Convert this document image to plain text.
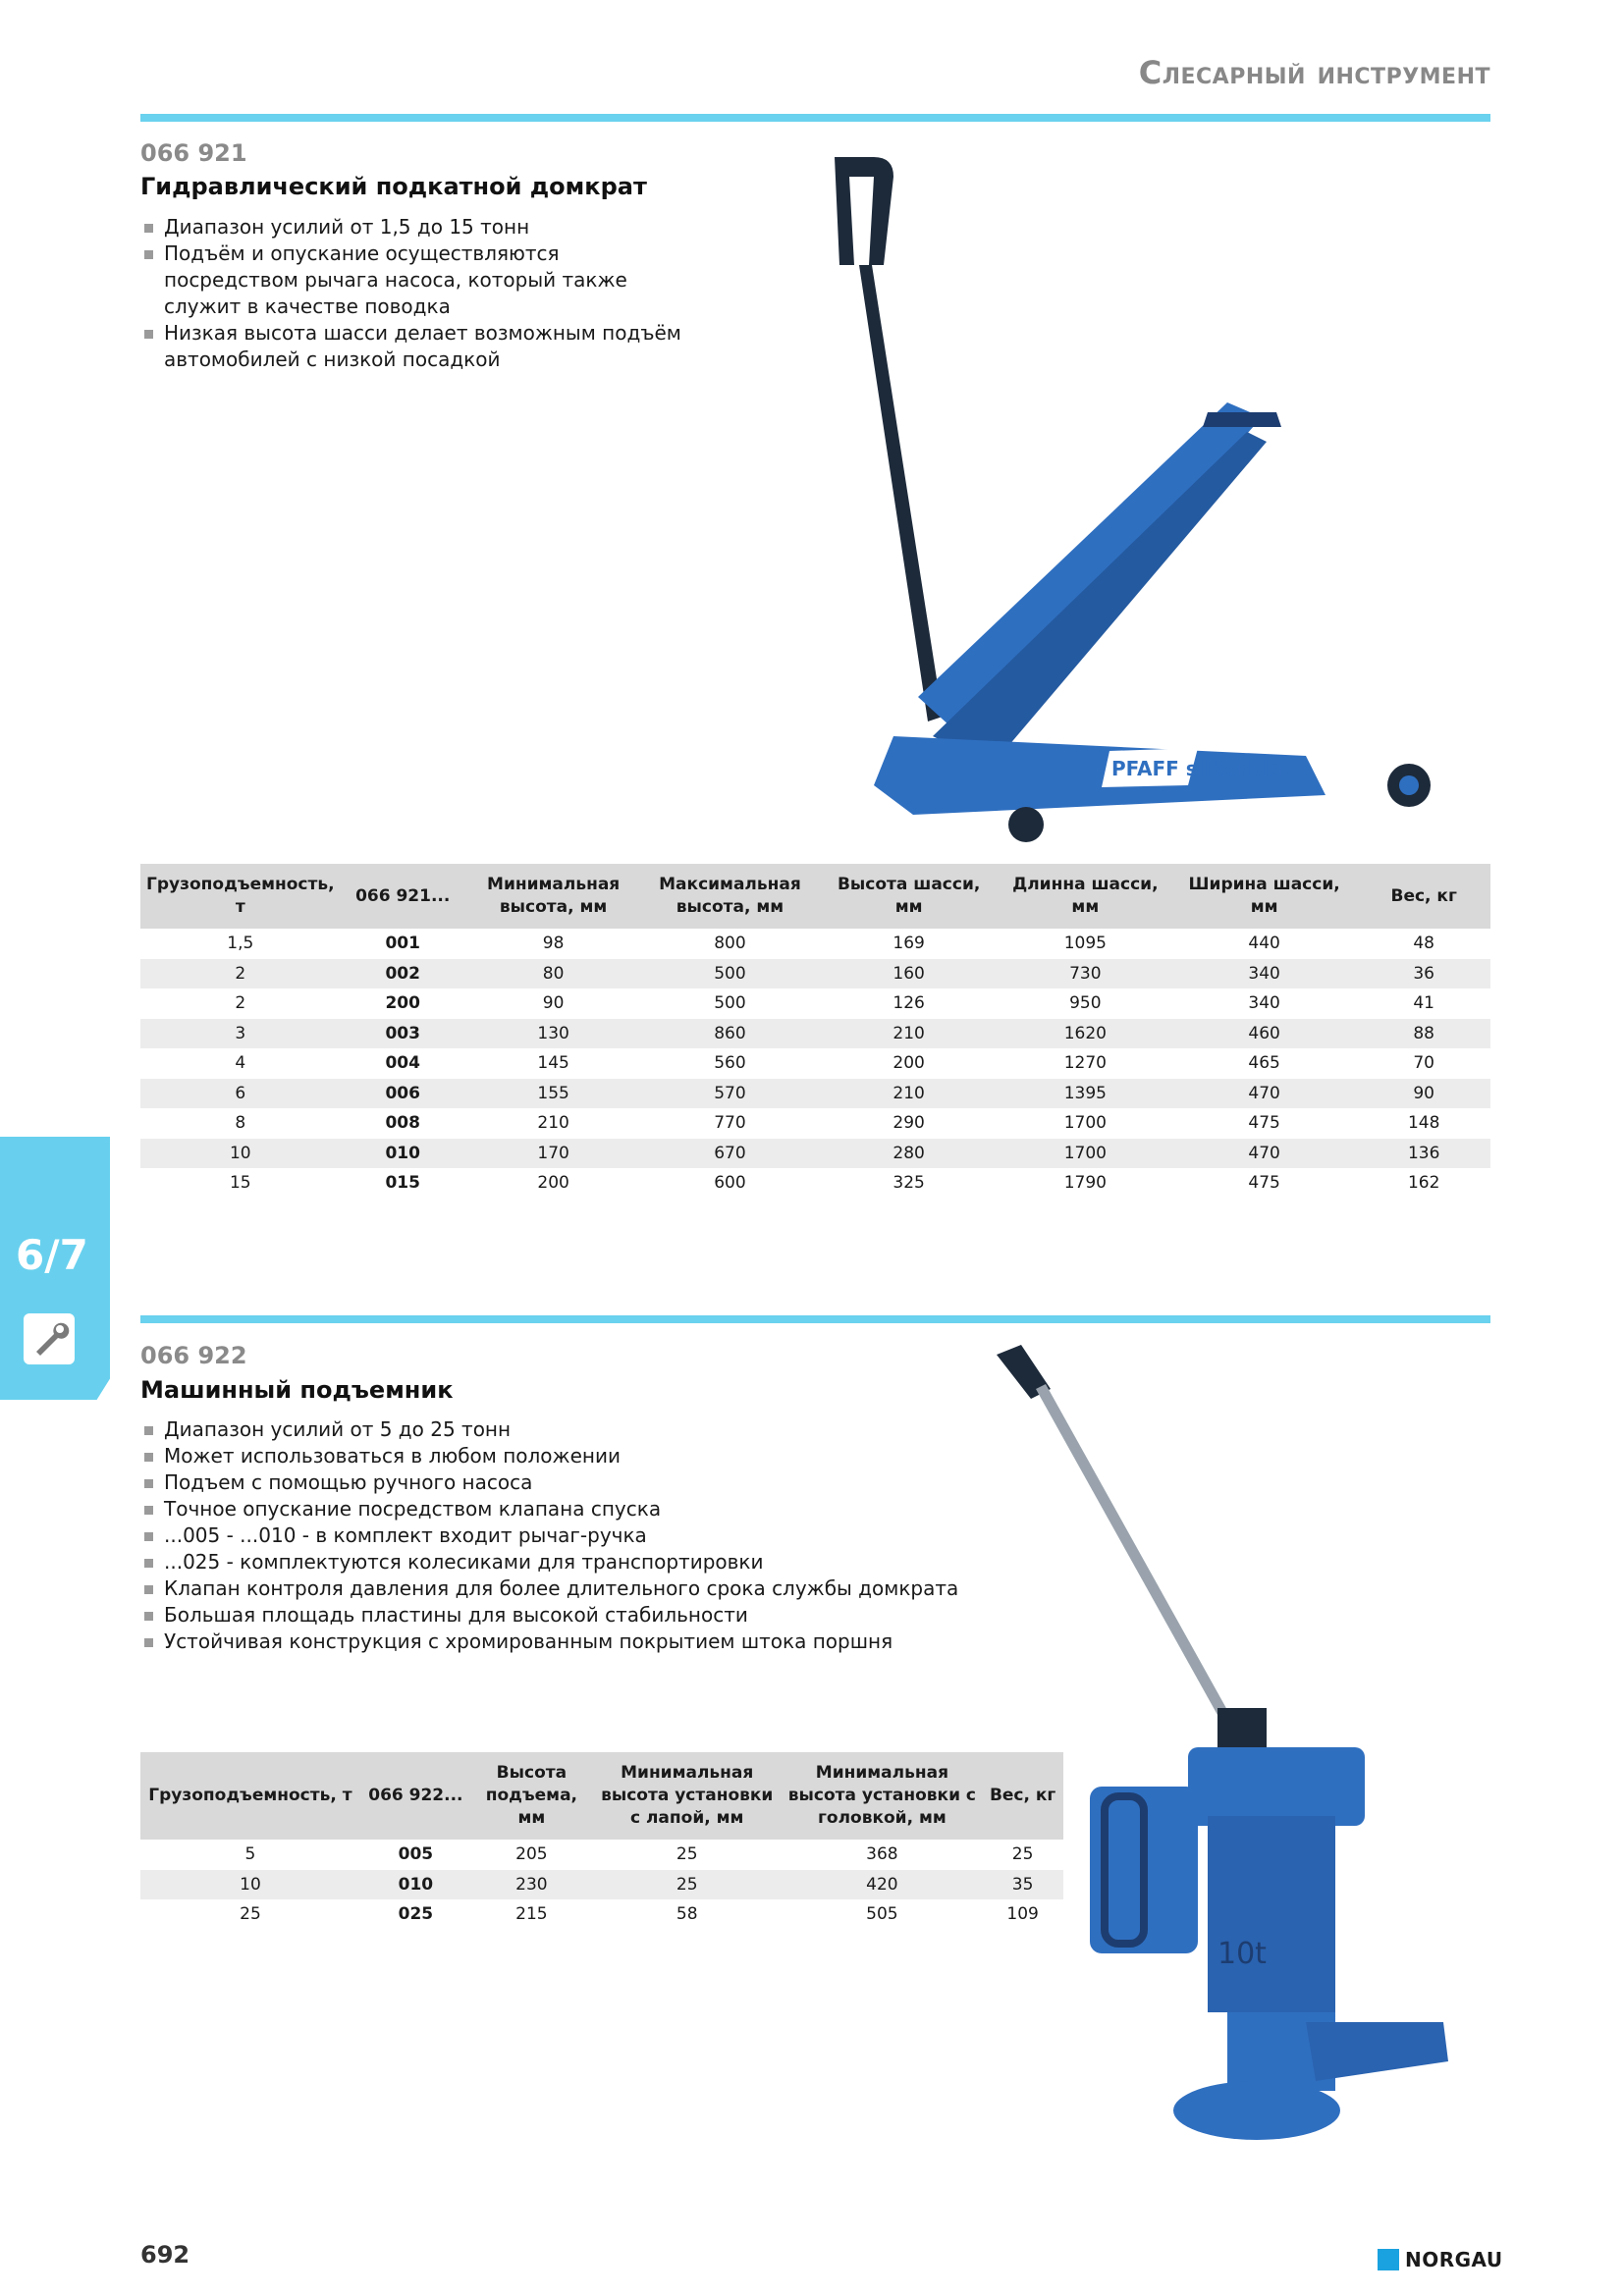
Слесарный инструмент
066 921
Гидравлический подкатной домкрат
Диапазон усилий от 1,5 до 15 тонн
Подъём и опускание осуществляются посредством рычага насоса, который также служит в качестве поводка
Низкая высота шасси делает возможным подъём автомобилей с низкой посадкой
PFAFF silberblau
Грузоподъемность, т	066 921...	Минимальная высота, мм	Максимальная высота, мм	Высота шасси, мм	Длинна шасси, мм	Ширина шасси, мм	Вес, кг
1,5	001	98	800	169	1095	440	48
2	002	80	500	160	730	340	36
2	200	90	500	126	950	340	41
3	003	130	860	210	1620	460	88
4	004	145	560	200	1270	465	70
6	006	155	570	210	1395	470	90
8	008	210	770	290	1700	475	148
10	010	170	670	280	1700	470	136
15	015	200	600	325	1790	475	162
6/7
066 922
Машинный подъемник
Диапазон усилий от 5 до 25 тонн
Может использоваться в любом положении
Подъем с помощью ручного насоса
Точное опускание посредством клапана спуска
...005 - ...010 - в комплект входит рычаг-ручка
...025 - комплектуются колесиками для транспортировки
Клапан контроля давления для более длительного срока службы домкрата
Большая площадь пластины для высокой стабильности
Устойчивая конструкция с хромированным покрытием штока поршня
10t
Грузоподъемность, т	066 922...	Высота подъема, мм	Минимальная высота установки с лапой, мм	Минимальная высота установки с головкой, мм	Вес, кг
5	005	205	25	368	25
10	010	230	25	420	35
25	025	215	58	505	109
692	NORGAU
